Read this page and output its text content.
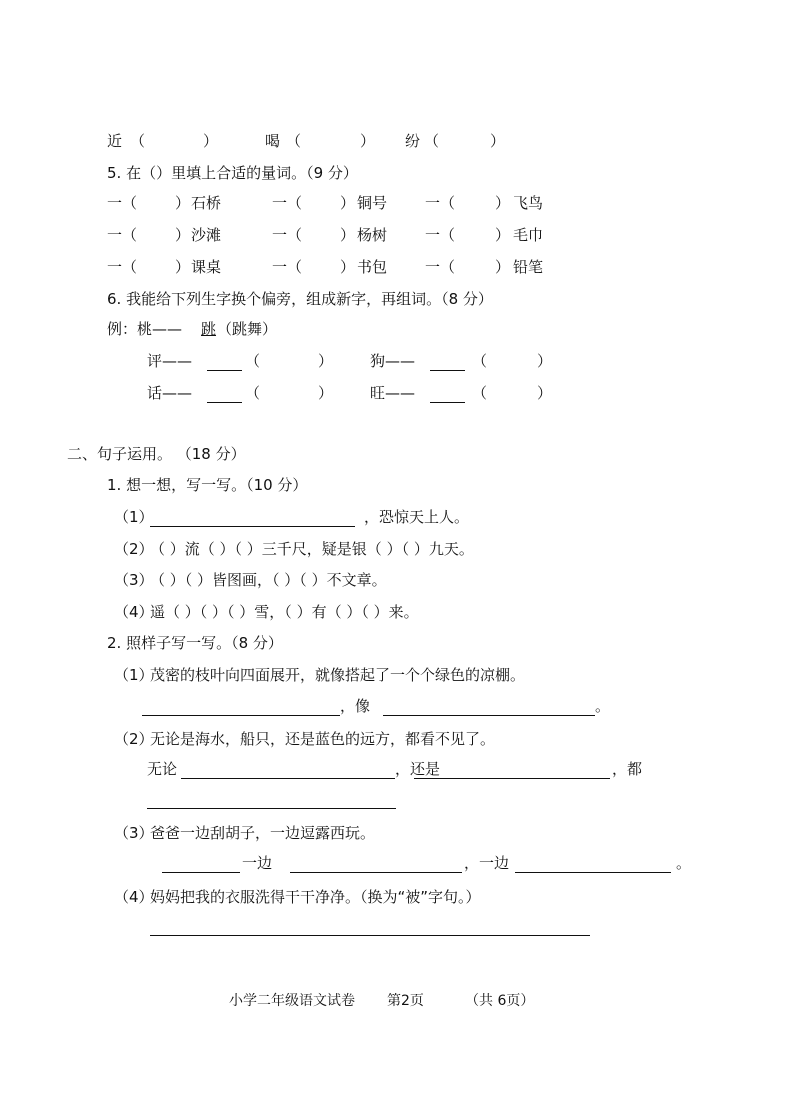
近 （	）	喝 （	） 纷 （	）
5. 在（）里填上合适的量词。（9 分）
一（	） 石桥	一（	） 铜号	一（	） 飞鸟
一（	） 沙滩	一（	） 杨树	一（	） 毛巾
一（	） 课桌	一（	） 书包	一（	） 铅笔
6. 我能给下列生字换个偏旁，组成新字，再组词。（8 分）
例：桃—— 跳 （跳舞）
评——	（	） 狗——	（	）
话——	（	） 旺——	（	）
二、句子运用。 （18 分）
1. 想一想，写一写。（10 分）
（1）	，恐惊天上人。
（2）
（ ）流（ ）（ ）三千尺，疑是银（ ）（ ）九天。
（3）
（ ）（ ）皆图画，（ ）（ ）不文章。
（4）
遥（ ）（ ）（ ）雪，（ ）有（ ）（ ）来。
2. 照样子写一写。（8 分）
（1）
茂密的枝叶向四面展开，就像搭起了一个个绿色的凉棚。
，像	。
（2）
无论是海水，船只，还是蓝色的远方，都看不见了。
无论	，还是	，都
（3）
爸爸一边刮胡子，一边逗露西玩。
一边	，一边	。
（4）
妈妈把我的衣服洗得干干净净。（换为“被”字句。）
小学二年级语文试卷 第2页	（共 6页）
